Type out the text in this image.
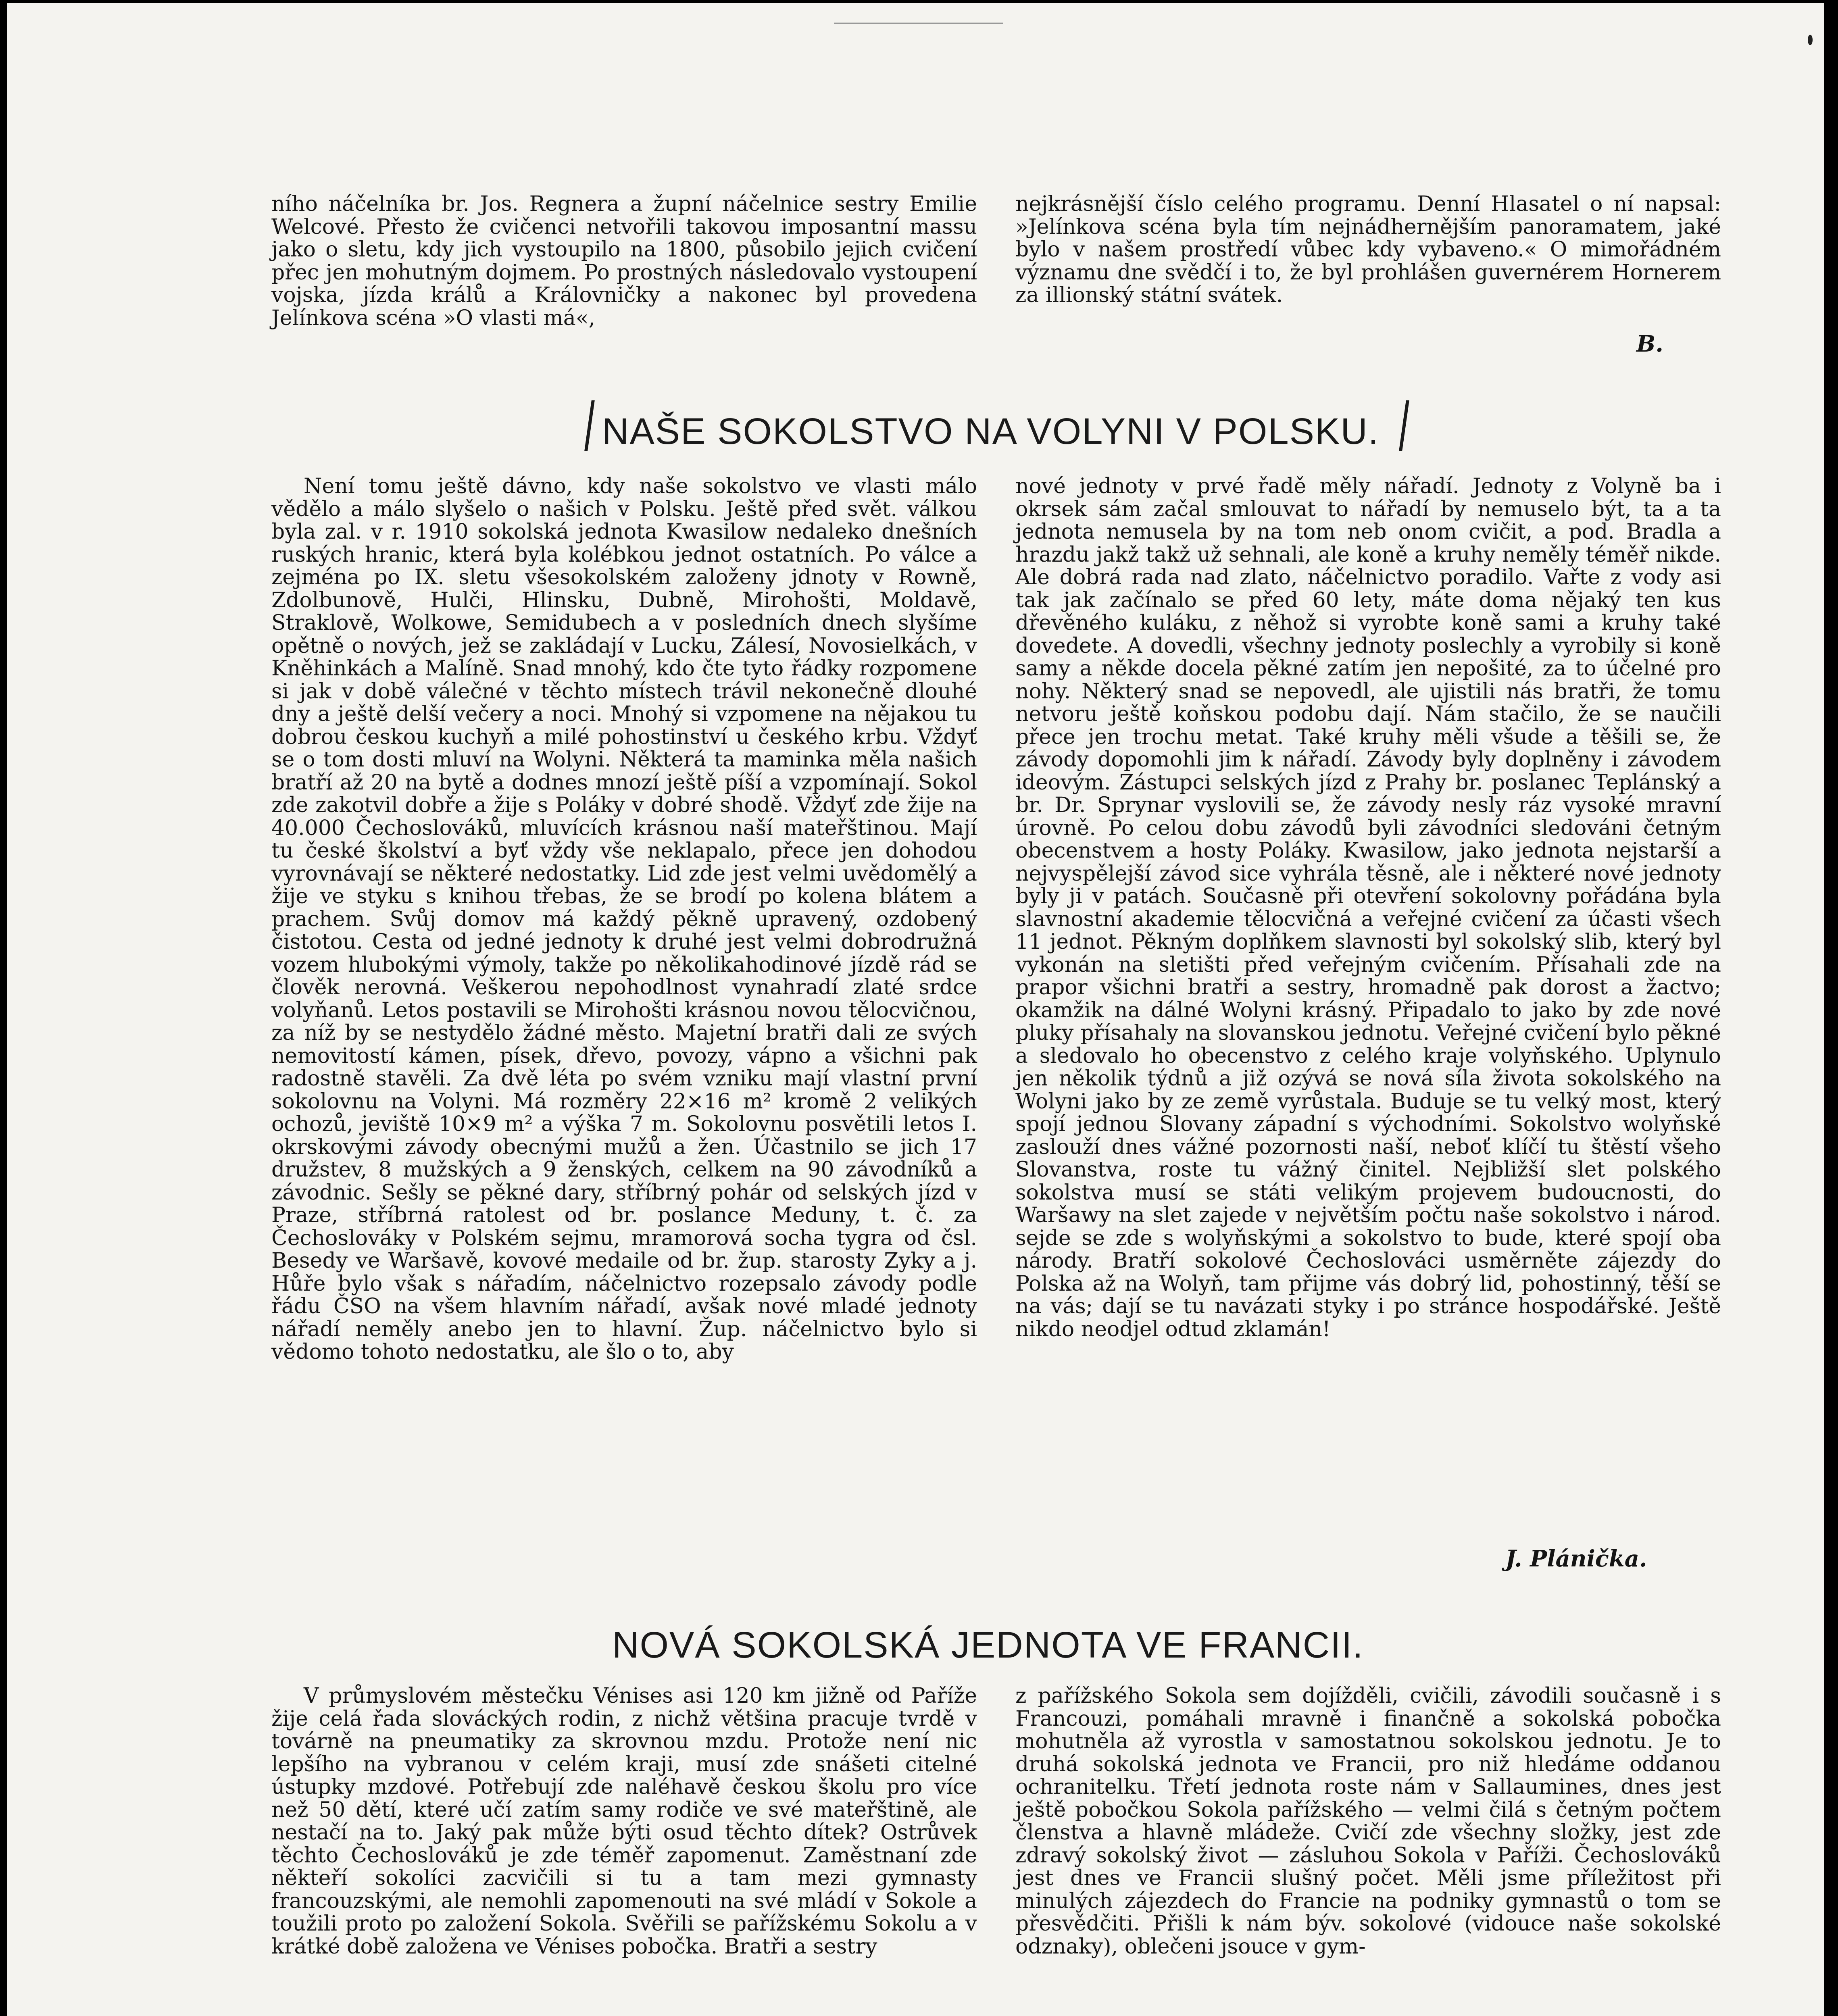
ního náčelníka br. Jos. Regnera a župní náčelnice sestry Emilie Welcové. Přesto že cvičenci netvořili takovou imposantní massu jako o sletu, kdy jich vystoupilo na 1800, působilo jejich cvičení přec jen mohutným dojmem. Po prostných následovalo vystoupení vojska, jízda králů a Královničky a nakonec byl provedena Jelínkova scéna »O vlasti má«,

nejkrásnější číslo celého programu. Denní Hlasatel o ní napsal: »Jelínkova scéna byla tím nejnádhernějším panoramatem, jaké bylo v našem prostředí vůbec kdy vybaveno.« O mimořádném významu dne svědčí i to, že byl prohlášen guvernérem Hornerem za illionský státní svátek.

B.
NAŠE SOKOLSTVO NA VOLYNI V POLSKU.

Není tomu ještě dávno, kdy naše sokolstvo ve vlasti málo vědělo a málo slyšelo o našich v Polsku. Ještě před svět. válkou byla zal. v r. 1910 sokolská jednota Kwasilow nedaleko dnešních ruských hranic, která byla kolébkou jednot ostatních. Po válce a zejména po IX. sletu všesokolském založeny jdnoty v Rowně, Zdolbunově, Hulči, Hlinsku, Dubně, Mirohošti, Moldavě, Straklově, Wolkowe, Semidubech a v posledních dnech slyšíme opětně o nových, jež se zakládají v Lucku, Zálesí, Novosielkách, v Kněhinkách a Malíně. Snad mnohý, kdo čte tyto řádky rozpomene si jak v době válečné v těchto místech trávil nekonečně dlouhé dny a ještě delší večery a noci. Mnohý si vzpomene na nějakou tu dobrou českou kuchyň a milé pohostinství u českého krbu. Vždyť se o tom dosti mluví na Wolyni. Některá ta maminka měla našich bratří až 20 na bytě a dodnes mnozí ještě píší a vzpomínají. Sokol zde zakotvil dobře a žije s Poláky v dobré shodě. Vždyť zde žije na 40.000 Čechoslováků, mluvících krásnou naší mateřštinou. Mají tu české školství a byť vždy vše neklapalo, přece jen dohodou vyrovnávají se některé nedostatky. Lid zde jest velmi uvědomělý a žije ve styku s knihou třebas, že se brodí po kolena blátem a prachem. Svůj domov má každý pěkně upravený, ozdobený čistotou. Cesta od jedné jednoty k druhé jest velmi dobrodružná vozem hlubokými výmoly, takže po několikahodinové jízdě rád se člověk nerovná. Veškerou nepohodlnost vynahradí zlaté srdce volyňanů. Letos postavili se Mirohošti krásnou novou tělocvičnou, za níž by se nestydělo žádné město. Majetní bratři dali ze svých nemovitostí kámen, písek, dřevo, povozy, vápno a všichni pak radostně stavěli. Za dvě léta po svém vzniku mají vlastní první sokolovnu na Volyni. Má rozměry 22×16 m² kromě 2 velikých ochozů, jeviště 10×9 m² a výška 7 m. Sokolovnu posvětili letos I. okrskovými závody obecnými mužů a žen. Účastnilo se jich 17 družstev, 8 mužských a 9 ženských, celkem na 90 závodníků a závodnic. Sešly se pěkné dary, stříbrný pohár od selských jízd v Praze, stříbrná ratolest od br. poslance Meduny, t. č. za Čechoslováky v Polském sejmu, mramorová socha tygra od čsl. Besedy ve Waršavě, kovové medaile od br. žup. starosty Zyky a j. Hůře bylo však s nářadím, náčelnictvo rozepsalo závody podle řádu ČSO na všem hlavním nářadí, avšak nové mladé jednoty nářadí neměly anebo jen to hlavní. Žup. náčelnictvo bylo si vědomo tohoto nedostatku, ale šlo o to, aby

nové jednoty v prvé řadě měly nářadí. Jednoty z Volyně ba i okrsek sám začal smlouvat to nářadí by nemuselo být, ta a ta jednota nemusela by na tom neb onom cvičit, a pod. Bradla a hrazdu jakž takž už sehnali, ale koně a kruhy neměly téměř nikde. Ale dobrá rada nad zlato, náčelnictvo poradilo. Vařte z vody asi tak jak začínalo se před 60 lety, máte doma nějaký ten kus dřevěného kuláku, z něhož si vyrobte koně sami a kruhy také dovedete. A dovedli, všechny jednoty poslechly a vyrobily si koně samy a někde docela pěkné zatím jen nepošité, za to účelné pro nohy. Některý snad se nepovedl, ale ujistili nás bratři, že tomu netvoru ještě koňskou podobu dají. Nám stačilo, že se naučili přece jen trochu metat. Také kruhy měli všude a těšili se, že závody dopomohli jim k nářadí. Závody byly doplněny i závodem ideovým. Zástupci selských jízd z Prahy br. poslanec Teplánský a br. Dr. Sprynar vyslovili se, že závody nesly ráz vysoké mravní úrovně. Po celou dobu závodů byli závodníci sledováni četným obecenstvem a hosty Poláky. Kwasilow, jako jednota nejstarší a nejvyspělejší závod sice vyhrála těsně, ale i některé nové jednoty byly ji v patách. Současně při otevření sokolovny pořádána byla slavnostní akademie tělocvičná a veřejné cvičení za účasti všech 11 jednot. Pěkným doplňkem slavnosti byl sokolský slib, který byl vykonán na sletišti před veřejným cvičením. Přísahali zde na prapor všichni bratři a sestry, hromadně pak dorost a žactvo; okamžik na dálné Wolyni krásný. Připadalo to jako by zde nové pluky přísahaly na slovanskou jednotu. Veřejné cvičení bylo pěkné a sledovalo ho obecenstvo z celého kraje volyňského. Uplynulo jen několik týdnů a již ozývá se nová síla života sokolského na Wolyni jako by ze země vyrůstala. Buduje se tu velký most, který spojí jednou Slovany západní s východními. Sokolstvo wolyňské zaslouží dnes vážné pozornosti naší, neboť klíčí tu štěstí všeho Slovanstva, roste tu vážný činitel. Nejbližší slet polského sokolstva musí se státi velikým projevem budoucnosti, do Waršawy na slet zajede v největším počtu naše sokolstvo i národ. sejde se zde s wolyňskými a sokolstvo to bude, které spojí oba národy. Bratří sokolové Čechoslováci usměrněte zájezdy do Polska až na Wolyň, tam přijme vás dobrý lid, pohostinný, těší se na vás; dají se tu navázati styky i po stránce hospodářské. Ještě nikdo neodjel odtud zklamán!

J. Plánička.
NOVÁ SOKOLSKÁ JEDNOTA VE FRANCII.

V průmyslovém městečku Vénises asi 120 km jižně od Paříže žije celá řada slováckých rodin, z nichž většina pracuje tvrdě v továrně na pneumatiky za skrovnou mzdu. Protože není nic lepšího na vybranou v celém kraji, musí zde snášeti citelné ústupky mzdové. Potřebují zde naléhavě českou školu pro více než 50 dětí, které učí zatím samy rodiče ve své mateřštině, ale nestačí na to. Jaký pak může býti osud těchto dítek? Ostrůvek těchto Čechoslováků je zde téměř zapomenut. Zaměstnaní zde někteří sokolíci zacvičili si tu a tam mezi gymnasty francouzskými, ale nemohli zapomenouti na své mládí v Sokole a toužili proto po založení Sokola. Svěřili se pařížskému Sokolu a v krátké době založena ve Vénises pobočka. Bratři a sestry

z pařížského Sokola sem dojížděli, cvičili, závodili současně i s Francouzi, pomáhali mravně i finančně a sokolská pobočka mohutněla až vyrostla v samostatnou sokolskou jednotu. Je to druhá sokolská jednota ve Francii, pro niž hledáme oddanou ochranitelku. Třetí jednota roste nám v Sallaumines, dnes jest ještě pobočkou Sokola pařížského — velmi čilá s četným počtem členstva a hlavně mládeže. Cvičí zde všechny složky, jest zde zdravý sokolský život — zásluhou Sokola v Paříži. Čechoslováků jest dnes ve Francii slušný počet. Měli jsme příležitost při minulých zájezdech do Francie na podniky gymnastů o tom se přesvědčiti. Přišli k nám býv. sokolové (vidouce naše sokolské odznaky), oblečeni jsouce v gym-
